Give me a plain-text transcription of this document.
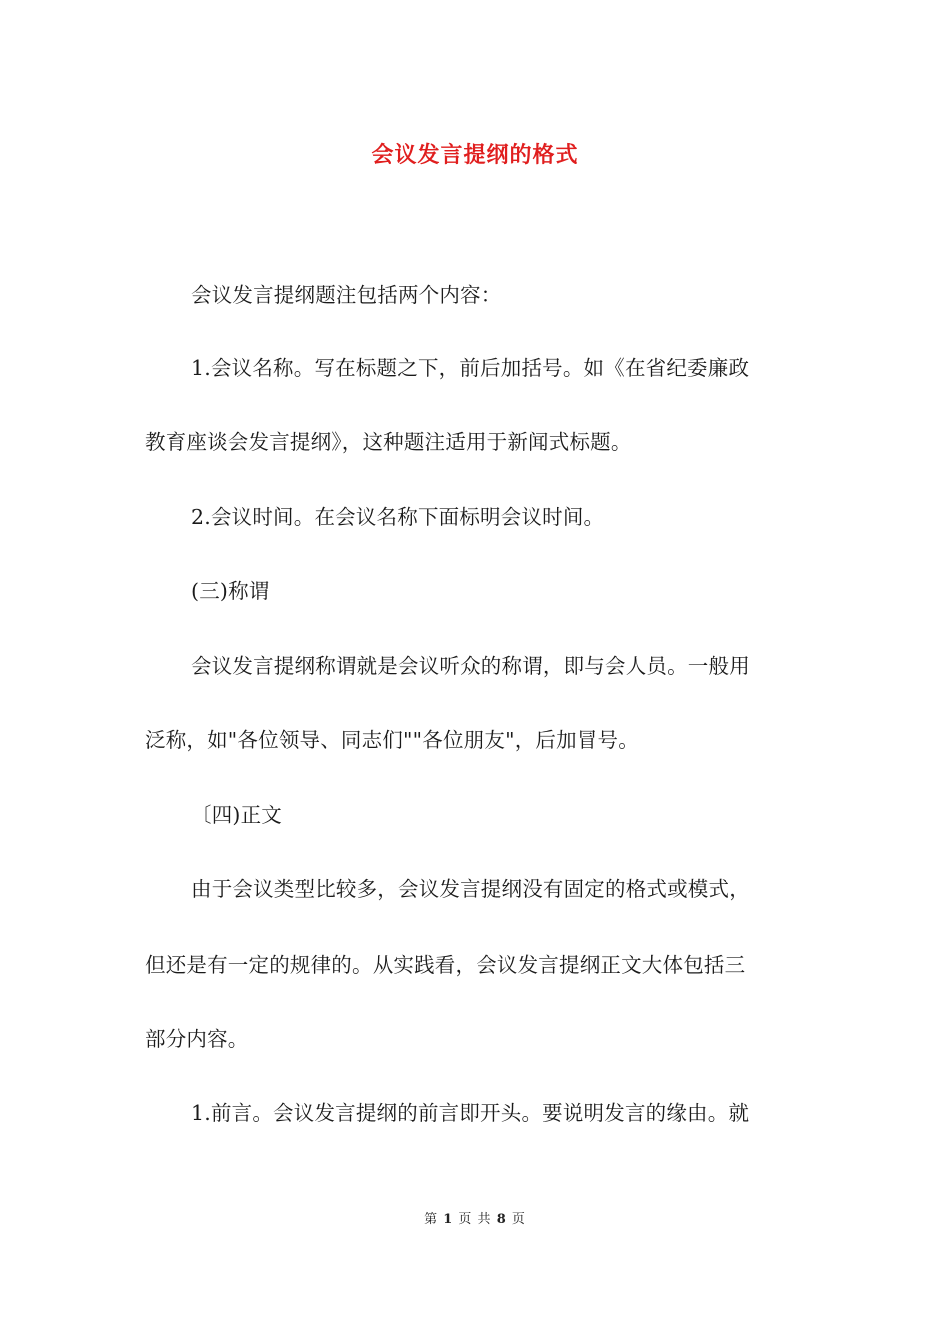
会议发言提纲的格式

会议发言提纲题注包括两个内容：

1.会议名称。写在标题之下，前后加括号。如《在省纪委廉政

教育座谈会发言提纲》，这种题注适用于新闻式标题。

2.会议时间。在会议名称下面标明会议时间。

(三)称谓

会议发言提纲称谓就是会议听众的称谓，即与会人员。一般用

泛称，如"各位领导、同志们""各位朋友"，后加冒号。

〔四)正文

由于会议类型比较多，会议发言提纲没有固定的格式或模式，

但还是有一定的规律的。从实践看，会议发言提纲正文大体包括三

部分内容。

1.前言。会议发言提纲的前言即开头。要说明发言的缘由。就

第 1 页 共 8 页
